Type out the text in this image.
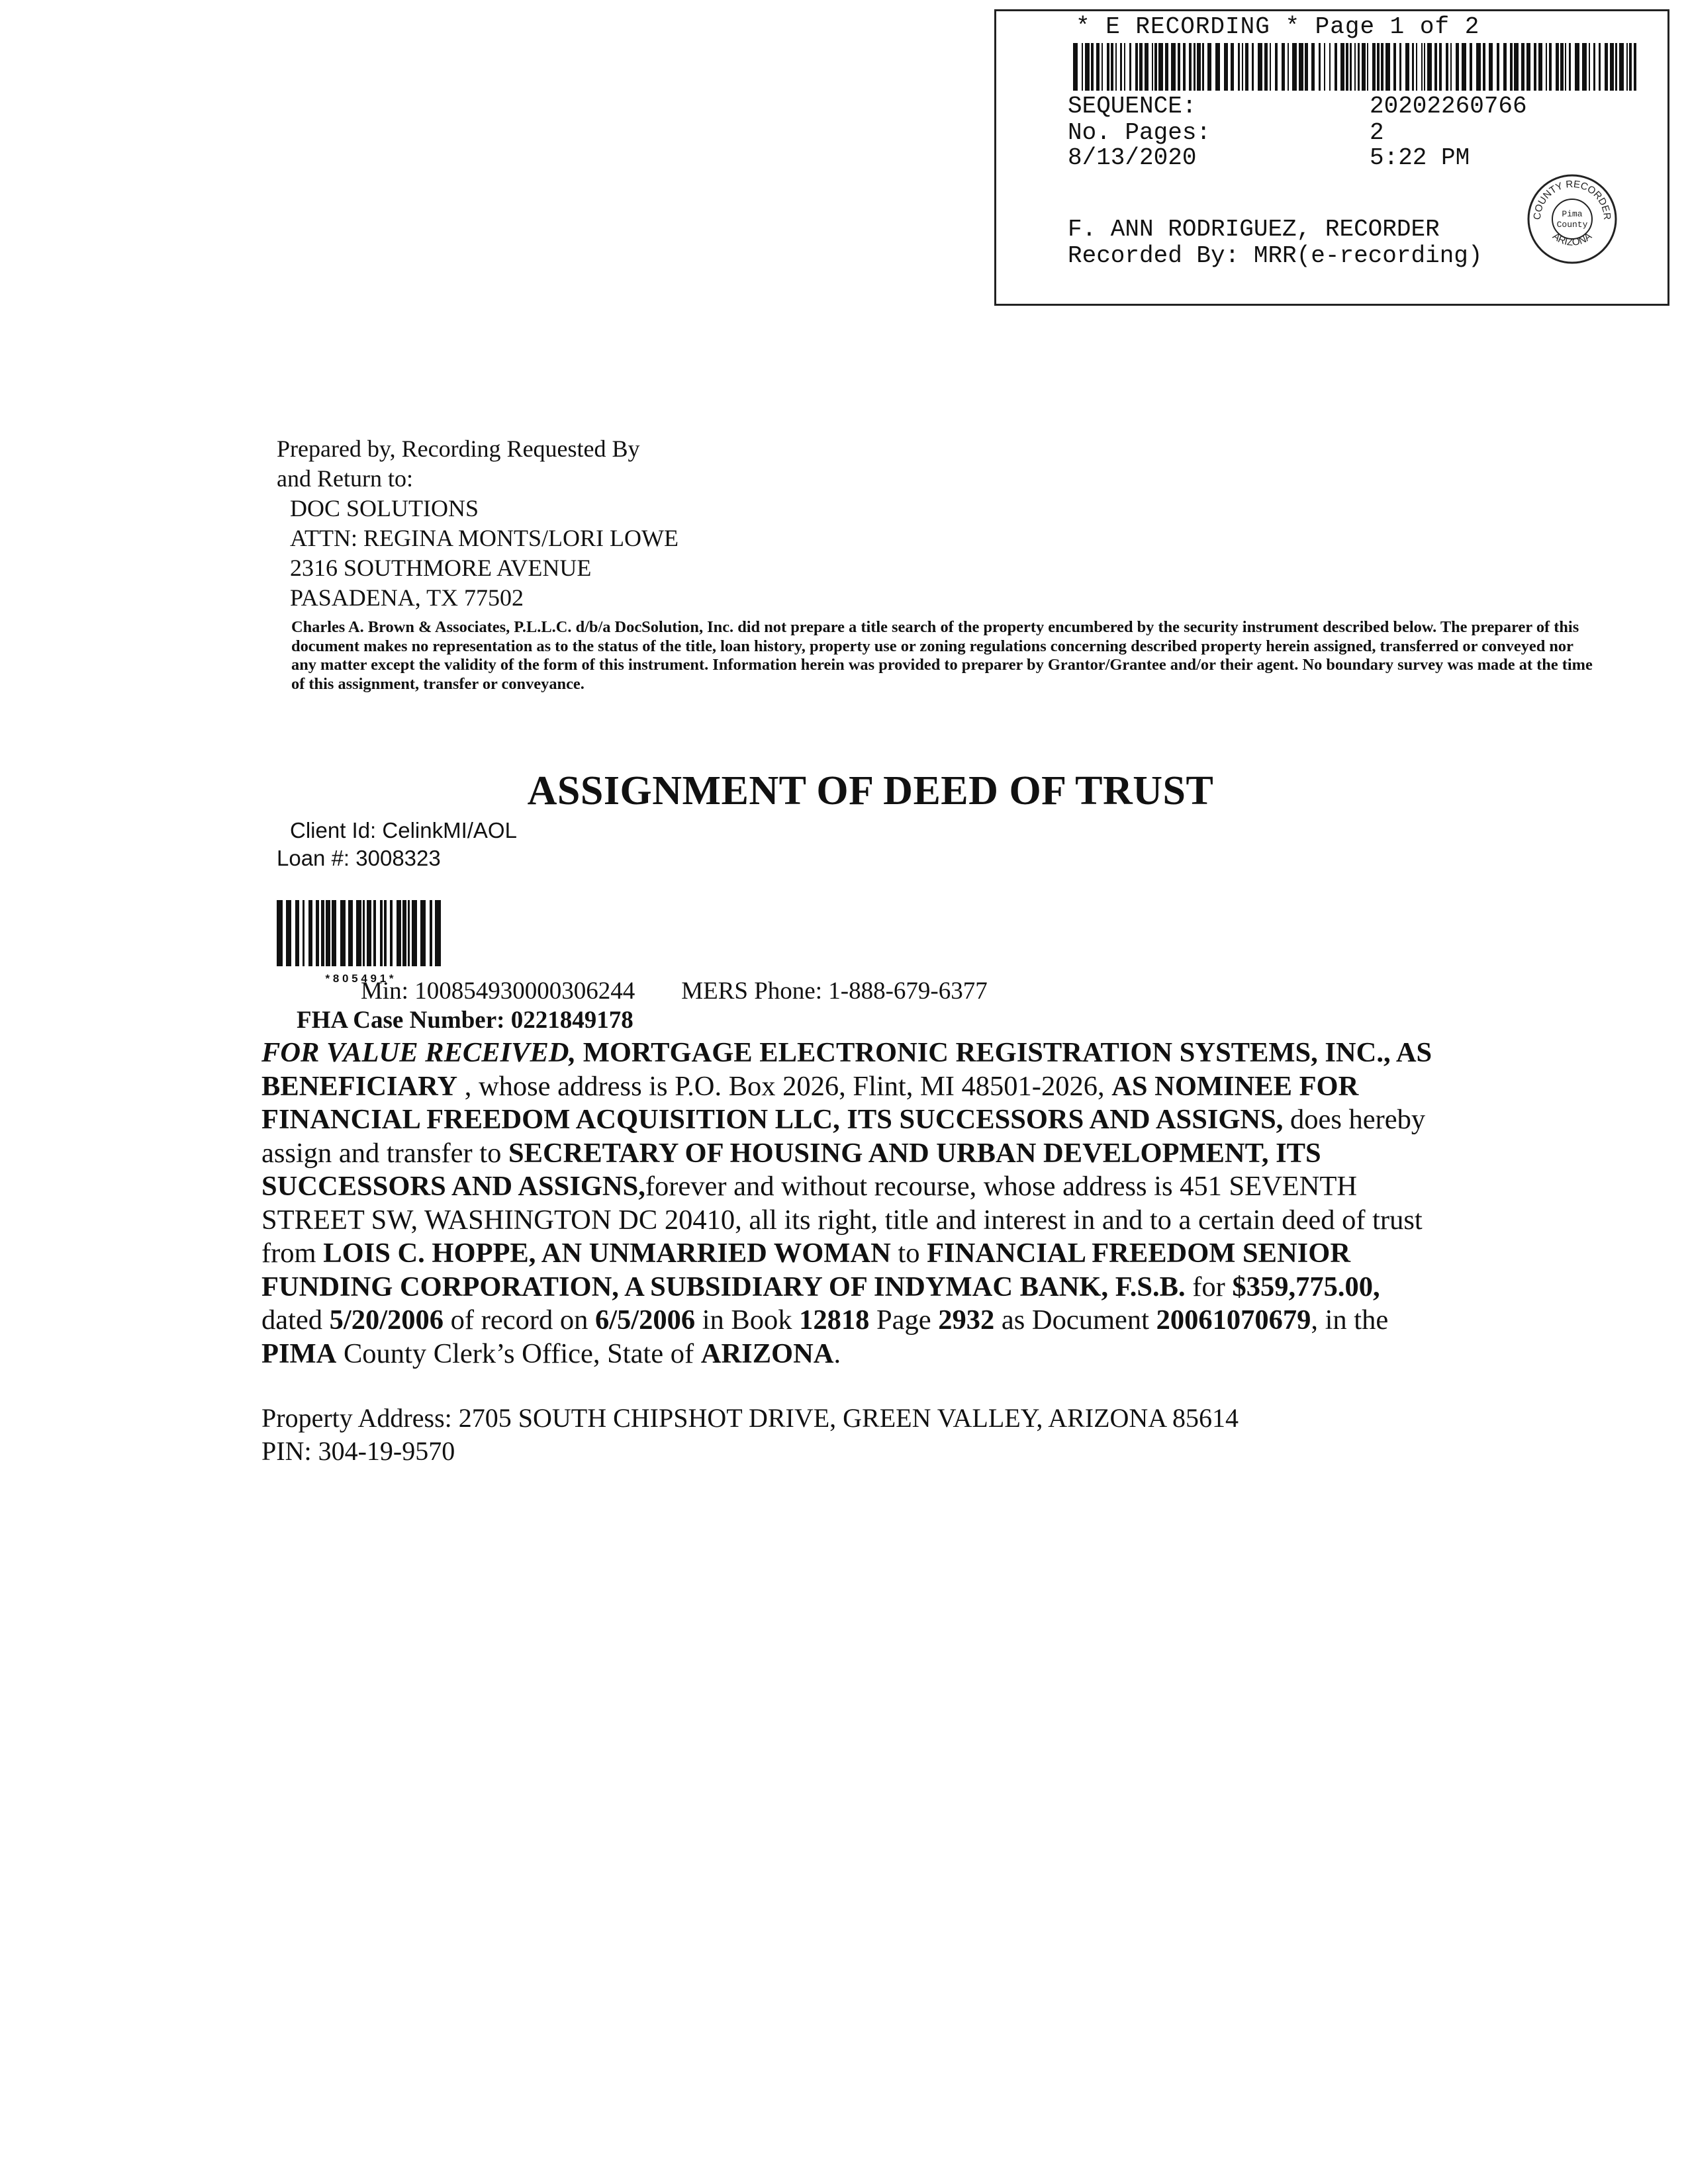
* E RECORDING * Page 1 of 2
SEQUENCE:	20202260766
No. Pages:	2
8/13/2020	5:22 PM
F. ANN RODRIGUEZ, RECORDER
Recorded By: MRR(e-recording)
COUNTY RECORDER
ARIZONA
Pima
County
Prepared by, Recording Requested By
and Return to:
DOC SOLUTIONS
ATTN: REGINA MONTS/LORI LOWE
2316 SOUTHMORE AVENUE
PASADENA, TX 77502
Charles A. Brown & Associates, P.L.L.C. d/b/a DocSolution, Inc. did not prepare a title search of the property encumbered by the security instrument described below. The preparer of this document makes no representation as to the status of the title, loan history, property use or zoning regulations concerning described property herein assigned, transferred or conveyed nor any matter except the validity of the form of this instrument. Information herein was provided to preparer by Grantor/Grantee and/or their agent. No boundary survey was made at the time of this assignment, transfer or conveyance.
ASSIGNMENT OF DEED OF TRUST
Client Id: CelinkMI/AOL
Loan #: 3008323
* 8 0 5 4 9 1 *
Min: 100854930000306244 MERS Phone: 1-888-679-6377
FHA Case Number: 0221849178
FOR VALUE RECEIVED, MORTGAGE ELECTRONIC REGISTRATION SYSTEMS, INC., AS BENEFICIARY , whose address is P.O. Box 2026, Flint, MI 48501-2026, AS NOMINEE FOR FINANCIAL FREEDOM ACQUISITION LLC, ITS SUCCESSORS AND ASSIGNS, does hereby assign and transfer to SECRETARY OF HOUSING AND URBAN DEVELOPMENT, ITS SUCCESSORS AND ASSIGNS,forever and without recourse, whose address is 451 SEVENTH STREET SW, WASHINGTON DC 20410, all its right, title and interest in and to a certain deed of trust from LOIS C. HOPPE, AN UNMARRIED WOMAN to FINANCIAL FREEDOM SENIOR FUNDING CORPORATION, A SUBSIDIARY OF INDYMAC BANK, F.S.B. for $359,775.00, dated 5/20/2006 of record on 6/5/2006 in Book 12818 Page 2932 as Document 20061070679, in the PIMA County Clerk’s Office, State of ARIZONA.
Property Address: 2705 SOUTH CHIPSHOT DRIVE, GREEN VALLEY, ARIZONA 85614
PIN: 304-19-9570
